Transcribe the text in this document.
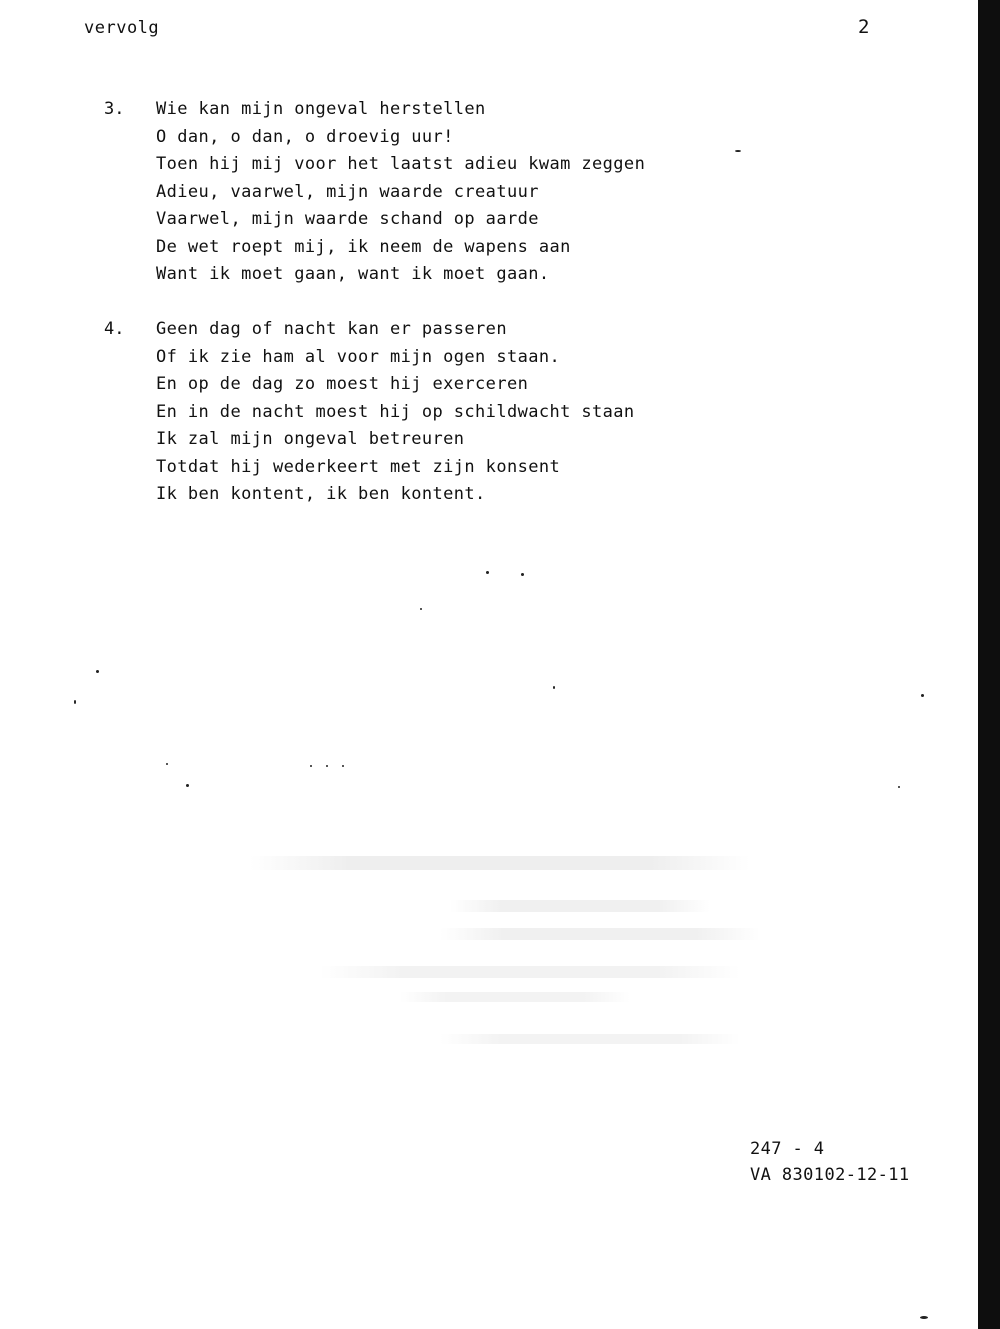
vervolg	2
3. Wie kan mijn ongeval herstellen
O dan, o dan, o droevig uur!
Toen hij mij voor het laatst adieu kwam zeggen
Adieu, vaarwel, mijn waarde creatuur
Vaarwel, mijn waarde schand op aarde
De wet roept mij, ik neem de wapens aan
Want ik moet gaan, want ik moet gaan.
4. Geen dag of nacht kan er passeren
Of ik zie ham al voor mijn ogen staan.
En op de dag zo moest hij exerceren
En in de nacht moest hij op schildwacht staan
Ik zal mijn ongeval betreuren
Totdat hij wederkeert met zijn konsent
Ik ben kontent, ik ben kontent.
247 - 4
VA 830102-12-11
